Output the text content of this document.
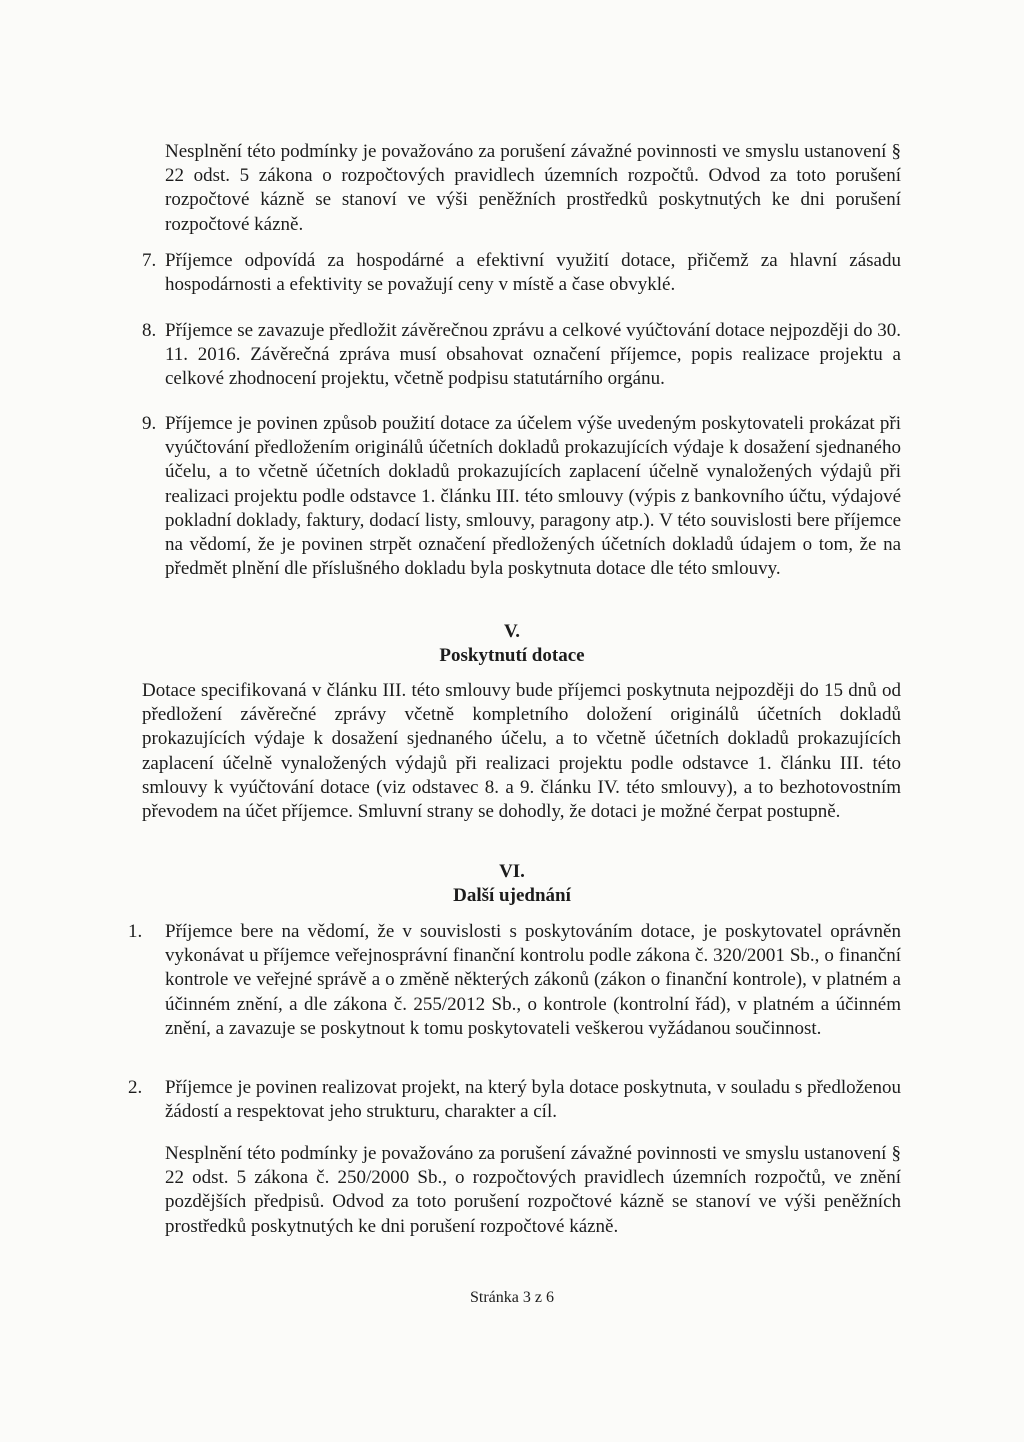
Nesplnění této podmínky je považováno za porušení závažné povinnosti ve smyslu ustanovení § 22 odst. 5 zákona o rozpočtových pravidlech územních rozpočtů. Odvod za toto porušení rozpočtové kázně se stanoví ve výši peněžních prostředků poskytnutých ke dni porušení rozpočtové kázně.
7. Příjemce odpovídá za hospodárné a efektivní využití dotace, přičemž za hlavní zásadu hospodárnosti a efektivity se považují ceny v místě a čase obvyklé.
8. Příjemce se zavazuje předložit závěrečnou zprávu a celkové vyúčtování dotace nejpozději do 30. 11. 2016. Závěrečná zpráva musí obsahovat označení příjemce, popis realizace projektu a celkové zhodnocení projektu, včetně podpisu statutárního orgánu.
9. Příjemce je povinen způsob použití dotace za účelem výše uvedeným poskytovateli prokázat při vyúčtování předložením originálů účetních dokladů prokazujících výdaje k dosažení sjednaného účelu, a to včetně účetních dokladů prokazujících zaplacení účelně vynaložených výdajů při realizaci projektu podle odstavce 1. článku III. této smlouvy (výpis z bankovního účtu, výdajové pokladní doklady, faktury, dodací listy, smlouvy, paragony atp.). V této souvislosti bere příjemce na vědomí, že je povinen strpět označení předložených účetních dokladů údajem o tom, že na předmět plnění dle příslušného dokladu byla poskytnuta dotace dle této smlouvy.
V.
Poskytnutí dotace
Dotace specifikovaná v článku III. této smlouvy bude příjemci poskytnuta nejpozději do 15 dnů od předložení závěrečné zprávy včetně kompletního doložení originálů účetních dokladů prokazujících výdaje k dosažení sjednaného účelu, a to včetně účetních dokladů prokazujících zaplacení účelně vynaložených výdajů při realizaci projektu podle odstavce 1. článku III. této smlouvy k vyúčtování dotace (viz odstavec 8. a 9. článku IV. této smlouvy), a to bezhotovostním převodem na účet příjemce. Smluvní strany se dohodly, že dotaci je možné čerpat postupně.
VI.
Další ujednání
1. Příjemce bere na vědomí, že v souvislosti s poskytováním dotace, je poskytovatel oprávněn vykonávat u příjemce veřejnosprávní finanční kontrolu podle zákona č. 320/2001 Sb., o finanční kontrole ve veřejné správě a o změně některých zákonů (zákon o finanční kontrole), v platném a účinném znění, a dle zákona č. 255/2012 Sb., o kontrole (kontrolní řád), v platném a účinném znění, a zavazuje se poskytnout k tomu poskytovateli veškerou vyžádanou součinnost.
2. Příjemce je povinen realizovat projekt, na který byla dotace poskytnuta, v souladu s předloženou žádostí a respektovat jeho strukturu, charakter a cíl.
Nesplnění této podmínky je považováno za porušení závažné povinnosti ve smyslu ustanovení § 22 odst. 5 zákona č. 250/2000 Sb., o rozpočtových pravidlech územních rozpočtů, ve znění pozdějších předpisů. Odvod za toto porušení rozpočtové kázně se stanoví ve výši peněžních prostředků poskytnutých ke dni porušení rozpočtové kázně.
Stránka 3 z 6
